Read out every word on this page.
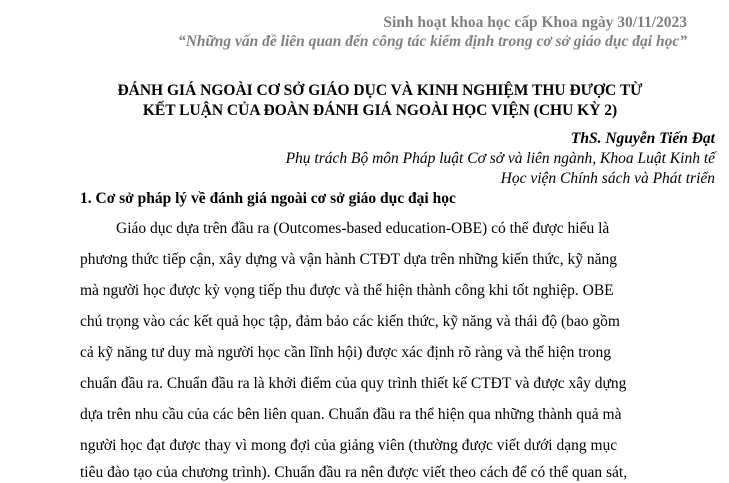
Sinh hoạt khoa học cấp Khoa ngày 30/11/2023
“Những vấn đề liên quan đến công tác kiểm định trong cơ sở giáo dục đại học”
ĐÁNH GIÁ NGOÀI CƠ SỞ GIÁO DỤC VÀ KINH NGHIỆM THU ĐƯỢC TỪ
KẾT LUẬN CỦA ĐOÀN ĐÁNH GIÁ NGOÀI HỌC VIỆN (CHU KỲ 2)
ThS. Nguyễn Tiến Đạt
Phụ trách Bộ môn Pháp luật Cơ sở và liên ngành, Khoa Luật Kinh tế
Học viện Chính sách và Phát triển
1. Cơ sở pháp lý về đánh giá ngoài cơ sở giáo dục đại học
Giáo dục dựa trên đầu ra (Outcomes-based education-OBE) có thể được hiểu là
phương thức tiếp cận, xây dựng và vận hành CTĐT dựa trên những kiến thức, kỹ năng
mà người học được kỳ vọng tiếp thu được và thể hiện thành công khi tốt nghiệp. OBE
chú trọng vào các kết quả học tập, đảm bảo các kiến thức, kỹ năng và thái độ (bao gồm
cả kỹ năng tư duy mà người học cần lĩnh hội) được xác định rõ ràng và thể hiện trong
chuẩn đầu ra. Chuẩn đầu ra là khởi điểm của quy trình thiết kế CTĐT và được xây dựng
dựa trên nhu cầu của các bên liên quan. Chuẩn đầu ra thể hiện qua những thành quả mà
người học đạt được thay vì mong đợi của giảng viên (thường được viết dưới dạng mục
tiêu đào tạo của chương trình). Chuẩn đầu ra nên được viết theo cách để có thể quan sát,
